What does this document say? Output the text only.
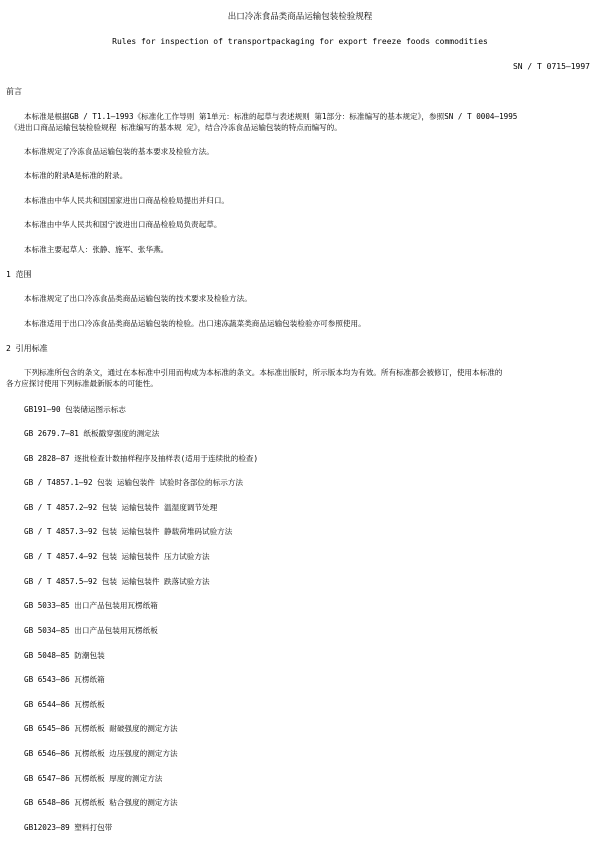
出口冷冻食品类商品运输包装检验规程
Rules for inspection of transportpackaging for export freeze foods commodities
SN / T 0715—1997
前言
本标准是根据GB / T1.1—1993《标准化工作导则 第1单元：标准的起草与表述规则 第1部分：标准编写的基本规定》，参照SN / T 0004—1995
《进出口商品运输包装检验规程 标准编写的基本规 定》，结合冷冻食品运输包装的特点而编写的。
本标准规定了冷冻食品运输包装的基本要求及检验方法。
本标准的附录A是标准的附录。
本标准由中华人民共和国国家进出口商品检验局提出并归口。
本标准由中华人民共和国宁波进出口商品检验局负责起草。
本标准主要起草人：张静、施军、张华燕。
1 范围
本标准规定了出口冷冻食品类商品运输包装的技术要求及检验方法。
本标准适用于出口冷冻食品类商品运输包装的检验。出口速冻蔬菜类商品运输包装检验亦可参照使用。
2 引用标准
下列标准所包含的条文，通过在本标准中引用而构成为本标准的条文。本标准出版时，所示版本均为有效。所有标准都会被修订，使用本标准的
各方应探讨使用下列标准最新版本的可能性。
GB191—90 包装储运图示标志
GB 2679.7—81 纸板戳穿强度的测定法
GB 2828—87 逐批检查计数抽样程序及抽样表(适用于连续批的检查)
GB / T4857.1—92 包装 运输包装件 试验时各部位的标示方法
GB / T 4857.2—92 包装 运输包装件 温湿度调节处理
GB / T 4857.3—92 包装 运输包装件 静载荷堆码试验方法
GB / T 4857.4—92 包装 运输包装件 压力试验方法
GB / T 4857.5—92 包装 运输包装件 跌落试验方法
GB 5033—85 出口产品包装用瓦楞纸箱
GB 5034—85 出口产品包装用瓦楞纸板
GB 5048—85 防潮包装
GB 6543—86 瓦楞纸箱
GB 6544—86 瓦楞纸板
GB 6545—86 瓦楞纸板 耐破强度的测定方法
GB 6546—86 瓦楞纸板 边压强度的测定方法
GB 6547—86 瓦楞纸板 厚度的测定方法
GB 6548—86 瓦楞纸板 粘合强度的测定方法
GB12023—89 塑料打包带
